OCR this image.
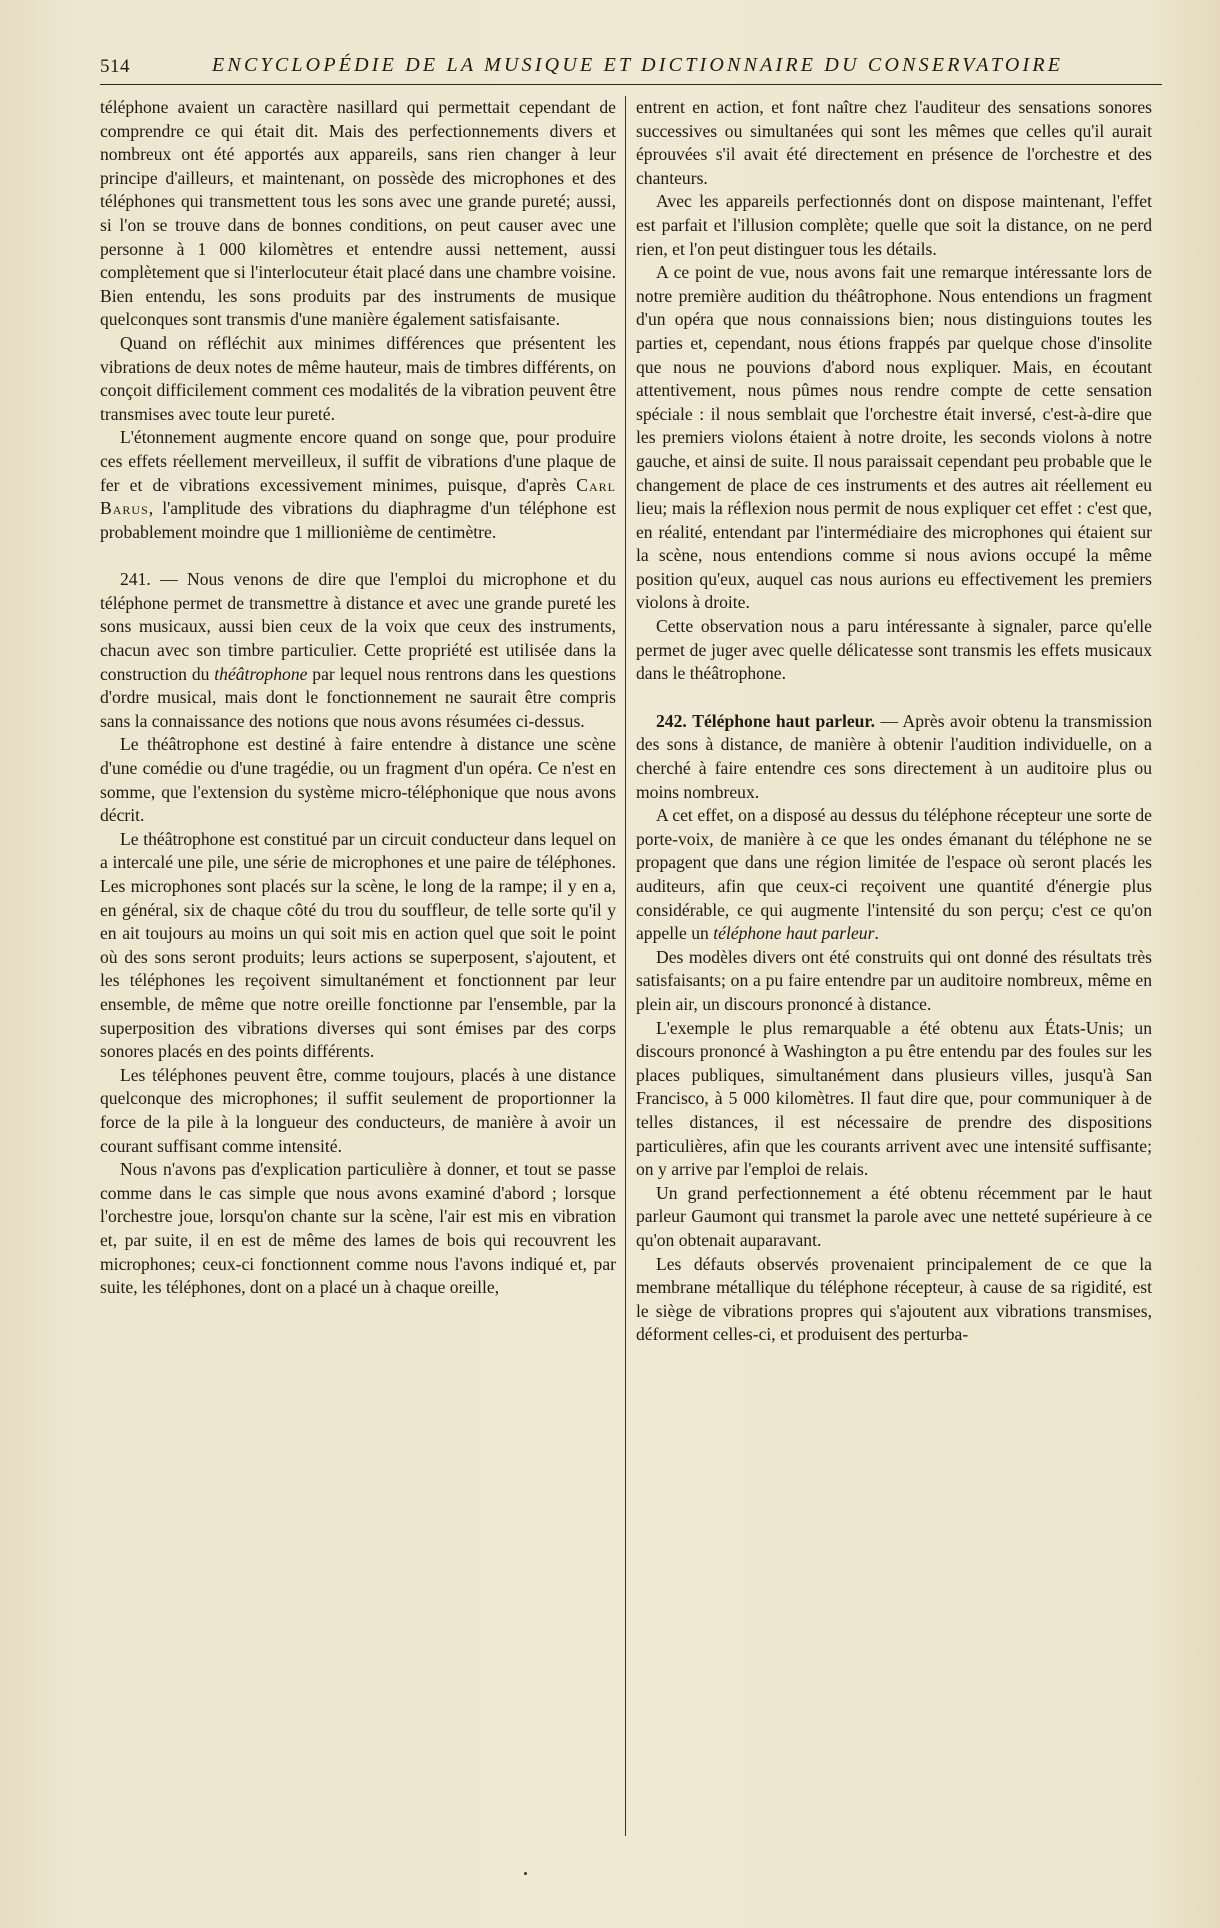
514	ENCYCLOPÉDIE DE LA MUSIQUE ET DICTIONNAIRE DU CONSERVATOIRE

téléphone avaient un caractère nasillard qui permettait cependant de comprendre ce qui était dit. Mais des perfectionnements divers et nombreux ont été apportés aux appareils, sans rien changer à leur principe d'ailleurs, et maintenant, on possède des microphones et des téléphones qui transmettent tous les sons avec une grande pureté; aussi, si l'on se trouve dans de bonnes conditions, on peut causer avec une personne à 1 000 kilomètres et entendre aussi nettement, aussi complètement que si l'interlocuteur était placé dans une chambre voisine. Bien entendu, les sons produits par des instruments de musique quelconques sont transmis d'une manière également satisfaisante.

Quand on réfléchit aux minimes différences que présentent les vibrations de deux notes de même hauteur, mais de timbres différents, on conçoit difficilement comment ces modalités de la vibration peuvent être transmises avec toute leur pureté.

L'étonnement augmente encore quand on songe que, pour produire ces effets réellement merveilleux, il suffit de vibrations d'une plaque de fer et de vibrations excessivement minimes, puisque, d'après Carl Barus, l'amplitude des vibrations du diaphragme d'un téléphone est probablement moindre que 1 millionième de centimètre.

241. — Nous venons de dire que l'emploi du microphone et du téléphone permet de transmettre à distance et avec une grande pureté les sons musicaux, aussi bien ceux de la voix que ceux des instruments, chacun avec son timbre particulier. Cette propriété est utilisée dans la construction du théâtrophone par lequel nous rentrons dans les questions d'ordre musical, mais dont le fonctionnement ne saurait être compris sans la connaissance des notions que nous avons résumées ci-dessus.

Le théâtrophone est destiné à faire entendre à distance une scène d'une comédie ou d'une tragédie, ou un fragment d'un opéra. Ce n'est en somme, que l'extension du système micro-téléphonique que nous avons décrit.

Le théâtrophone est constitué par un circuit conducteur dans lequel on a intercalé une pile, une série de microphones et une paire de téléphones. Les microphones sont placés sur la scène, le long de la rampe; il y en a, en général, six de chaque côté du trou du souffleur, de telle sorte qu'il y en ait toujours au moins un qui soit mis en action quel que soit le point où des sons seront produits; leurs actions se superposent, s'ajoutent, et les téléphones les reçoivent simultanément et fonctionnent par leur ensemble, de même que notre oreille fonctionne par l'ensemble, par la superposition des vibrations diverses qui sont émises par des corps sonores placés en des points différents.

Les téléphones peuvent être, comme toujours, placés à une distance quelconque des microphones; il suffit seulement de proportionner la force de la pile à la longueur des conducteurs, de manière à avoir un courant suffisant comme intensité.

Nous n'avons pas d'explication particulière à donner, et tout se passe comme dans le cas simple que nous avons examiné d'abord ; lorsque l'orchestre joue, lorsqu'on chante sur la scène, l'air est mis en vibration et, par suite, il en est de même des lames de bois qui recouvrent les microphones; ceux-ci fonctionnent comme nous l'avons indiqué et, par suite, les téléphones, dont on a placé un à chaque oreille,

entrent en action, et font naître chez l'auditeur des sensations sonores successives ou simultanées qui sont les mêmes que celles qu'il aurait éprouvées s'il avait été directement en présence de l'orchestre et des chanteurs.

Avec les appareils perfectionnés dont on dispose maintenant, l'effet est parfait et l'illusion complète; quelle que soit la distance, on ne perd rien, et l'on peut distinguer tous les détails.

A ce point de vue, nous avons fait une remarque intéressante lors de notre première audition du théâtrophone. Nous entendions un fragment d'un opéra que nous connaissions bien; nous distinguions toutes les parties et, cependant, nous étions frappés par quelque chose d'insolite que nous ne pouvions d'abord nous expliquer. Mais, en écoutant attentivement, nous pûmes nous rendre compte de cette sensation spéciale : il nous semblait que l'orchestre était inversé, c'est-à-dire que les premiers violons étaient à notre droite, les seconds violons à notre gauche, et ainsi de suite. Il nous paraissait cependant peu probable que le changement de place de ces instruments et des autres ait réellement eu lieu; mais la réflexion nous permit de nous expliquer cet effet : c'est que, en réalité, entendant par l'intermédiaire des microphones qui étaient sur la scène, nous entendions comme si nous avions occupé la même position qu'eux, auquel cas nous aurions eu effectivement les premiers violons à droite.

Cette observation nous a paru intéressante à signaler, parce qu'elle permet de juger avec quelle délicatesse sont transmis les effets musicaux dans le théâtrophone.

242. Téléphone haut parleur. — Après avoir obtenu la transmission des sons à distance, de manière à obtenir l'audition individuelle, on a cherché à faire entendre ces sons directement à un auditoire plus ou moins nombreux.

A cet effet, on a disposé au dessus du téléphone récepteur une sorte de porte-voix, de manière à ce que les ondes émanant du téléphone ne se propagent que dans une région limitée de l'espace où seront placés les auditeurs, afin que ceux-ci reçoivent une quantité d'énergie plus considérable, ce qui augmente l'intensité du son perçu; c'est ce qu'on appelle un téléphone haut parleur.

Des modèles divers ont été construits qui ont donné des résultats très satisfaisants; on a pu faire entendre par un auditoire nombreux, même en plein air, un discours prononcé à distance.

L'exemple le plus remarquable a été obtenu aux États-Unis; un discours prononcé à Washington a pu être entendu par des foules sur les places publiques, simultanément dans plusieurs villes, jusqu'à San Francisco, à 5 000 kilomètres. Il faut dire que, pour communiquer à de telles distances, il est nécessaire de prendre des dispositions particulières, afin que les courants arrivent avec une intensité suffisante; on y arrive par l'emploi de relais.

Un grand perfectionnement a été obtenu récemment par le haut parleur Gaumont qui transmet la parole avec une netteté supérieure à ce qu'on obtenait auparavant.

Les défauts observés provenaient principalement de ce que la membrane métallique du téléphone récepteur, à cause de sa rigidité, est le siège de vibrations propres qui s'ajoutent aux vibrations transmises, déforment celles-ci, et produisent des perturba-
